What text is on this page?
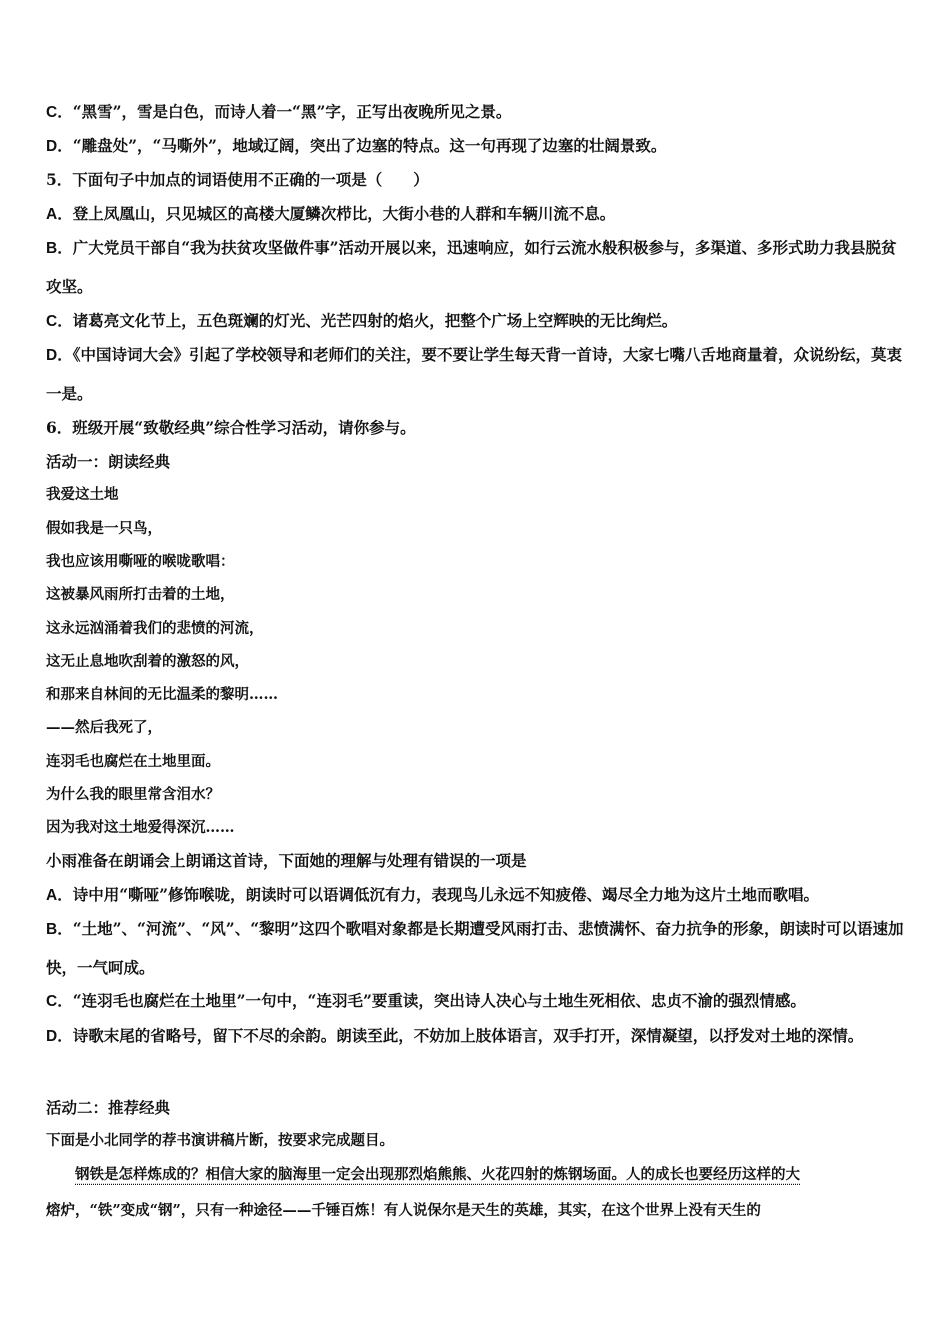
C．“黑雪”，雪是白色，而诗人着一“黑”字，正写出夜晚所见之景。
D．“雕盘处”，“马嘶外”，地域辽阔，突出了边塞的特点。这一句再现了边塞的壮阔景致。
5．下面句子中加点的词语使用不正确的一项是（　　）
A．登上凤凰山，只见城区的高楼大厦鳞次栉比，大街小巷的人群和车辆川流不息。
B．广大党员干部自“我为扶贫攻坚做件事”活动开展以来，迅速响应，如行云流水般积极参与，多渠道、多形式助力我县脱贫攻坚。
C．诸葛亮文化节上，五色斑斓的灯光、光芒四射的焰火，把整个广场上空辉映的无比绚烂。
D．《中国诗词大会》引起了学校领导和老师们的关注，要不要让学生每天背一首诗，大家七嘴八舌地商量着，众说纷纭，莫衷一是。
6．班级开展“致敬经典”综合性学习活动，请你参与。
活动一：朗读经典
我爱这土地
假如我是一只鸟，
我也应该用嘶哑的喉咙歌唱：
这被暴风雨所打击着的土地，
这永远汹涌着我们的悲愤的河流，
这无止息地吹刮着的激怒的风，
和那来自林间的无比温柔的黎明……
——然后我死了，
连羽毛也腐烂在土地里面。
为什么我的眼里常含泪水？
因为我对这土地爱得深沉……
小雨准备在朗诵会上朗诵这首诗，下面她的理解与处理有错误的一项是
A．诗中用“嘶哑”修饰喉咙，朗读时可以语调低沉有力，表现鸟儿永远不知疲倦、竭尽全力地为这片土地而歌唱。
B．“土地”、“河流”、“风”、“黎明”这四个歌唱对象都是长期遭受风雨打击、悲愤满怀、奋力抗争的形象，朗读时可以语速加快，一气呵成。
C．“连羽毛也腐烂在土地里”一句中，“连羽毛”要重读，突出诗人决心与土地生死相依、忠贞不渝的强烈情感。
D．诗歌末尾的省略号，留下不尽的余韵。朗读至此，不妨加上肢体语言，双手打开，深情凝望，以抒发对土地的深情。
活动二：推荐经典
下面是小北同学的荐书演讲稿片断，按要求完成题目。
钢铁是怎样炼成的？相信大家的脑海里一定会出现那烈焰熊熊、火花四射的炼钢场面。人的成长也要经历这样的大
熔炉，“铁”变成“钢”，只有一种途径——千锤百炼！有人说保尔是天生的英雄，其实，在这个世界上没有天生的
